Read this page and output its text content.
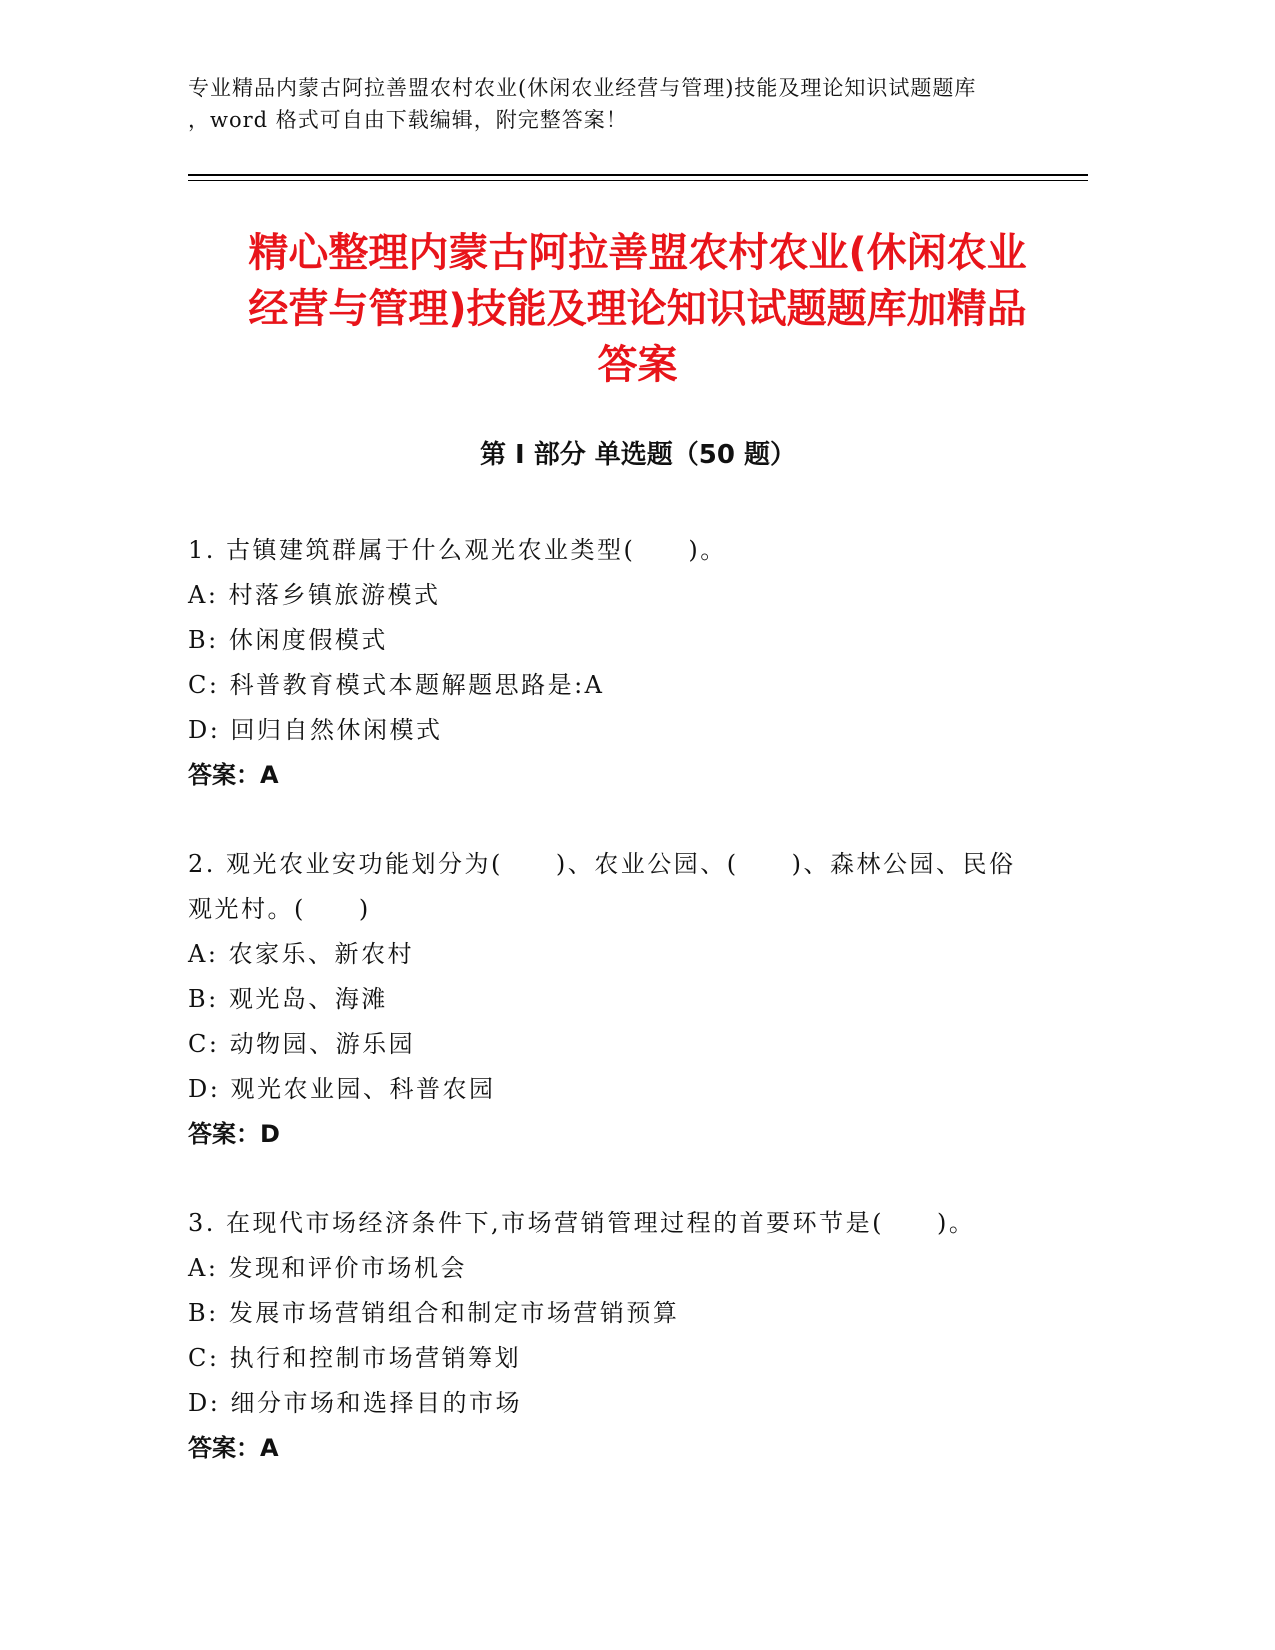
专业精品内蒙古阿拉善盟农村农业(休闲农业经营与管理)技能及理论知识试题题库
，word 格式可自由下载编辑，附完整答案！
精心整理内蒙古阿拉善盟农村农业(休闲农业
经营与管理)技能及理论知识试题题库加精品
答案
第 I 部分 单选题（50 题）
1. 古镇建筑群属于什么观光农业类型(　　)。
A: 村落乡镇旅游模式
B: 休闲度假模式
C: 科普教育模式本题解题思路是:A
D: 回归自然休闲模式
答案：A
2. 观光农业安功能划分为(　　)、农业公园、(　　)、森林公园、民俗
观光村。(　　)
A: 农家乐、新农村
B: 观光岛、海滩
C: 动物园、游乐园
D: 观光农业园、科普农园
答案：D
3. 在现代市场经济条件下,市场营销管理过程的首要环节是(　　)。
A: 发现和评价市场机会
B: 发展市场营销组合和制定市场营销预算
C: 执行和控制市场营销筹划
D: 细分市场和选择目的市场
答案：A
